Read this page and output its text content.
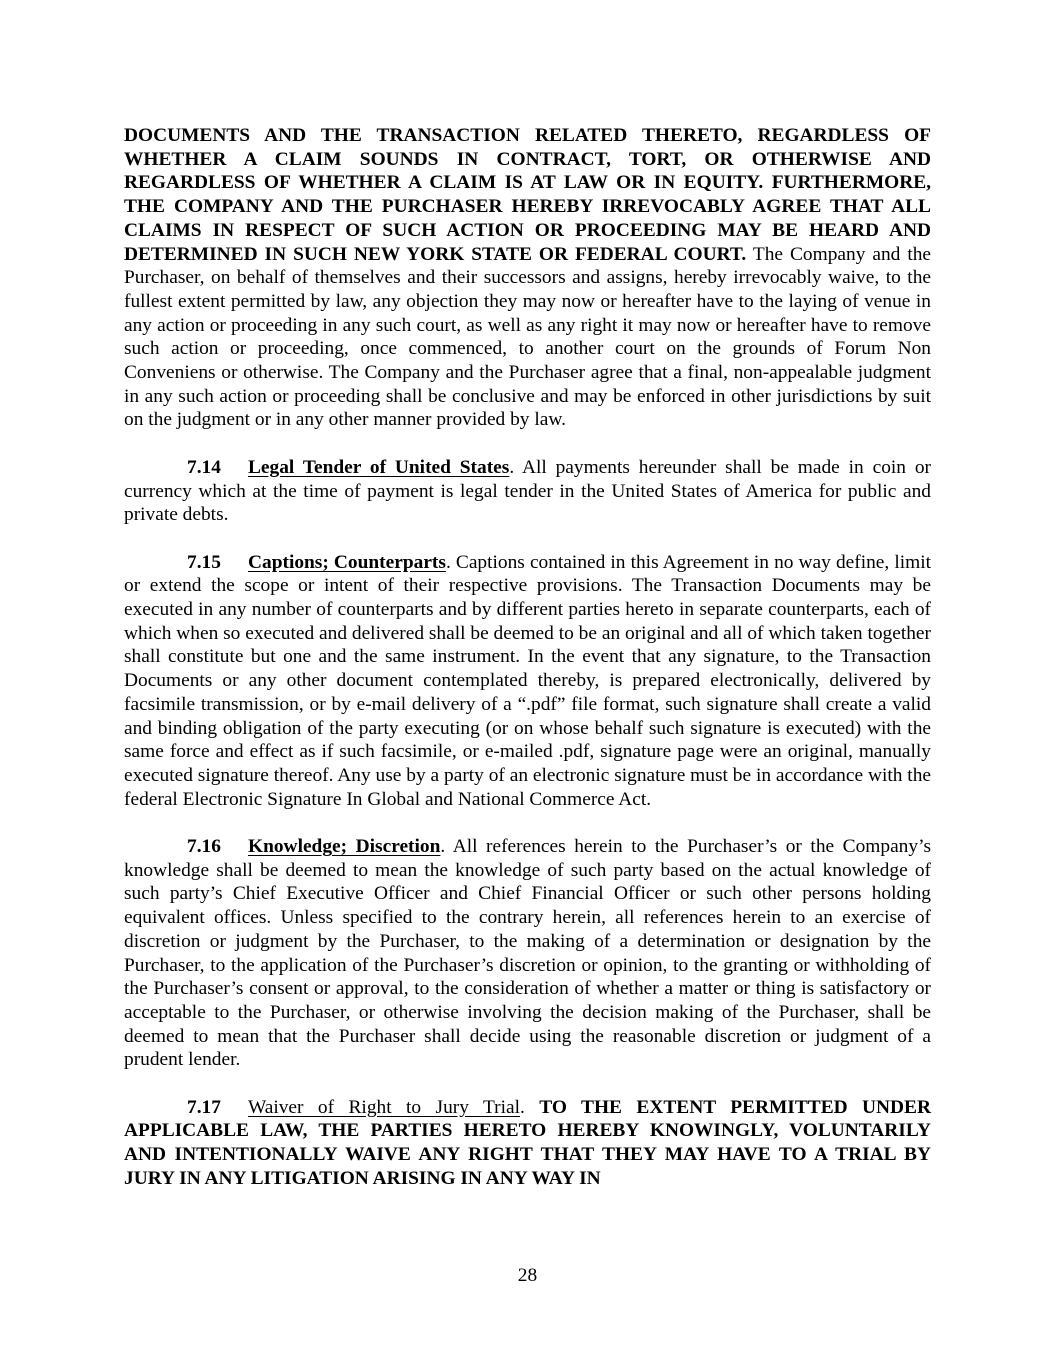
DOCUMENTS AND THE TRANSACTION RELATED THERETO, REGARDLESS OF WHETHER A CLAIM SOUNDS IN CONTRACT, TORT, OR OTHERWISE AND REGARDLESS OF WHETHER A CLAIM IS AT LAW OR IN EQUITY. FURTHERMORE, THE COMPANY AND THE PURCHASER HEREBY IRREVOCABLY AGREE THAT ALL CLAIMS IN RESPECT OF SUCH ACTION OR PROCEEDING MAY BE HEARD AND DETERMINED IN SUCH NEW YORK STATE OR FEDERAL COURT. The Company and the Purchaser, on behalf of themselves and their successors and assigns, hereby irrevocably waive, to the fullest extent permitted by law, any objection they may now or hereafter have to the laying of venue in any action or proceeding in any such court, as well as any right it may now or hereafter have to remove such action or proceeding, once commenced, to another court on the grounds of Forum Non Conveniens or otherwise. The Company and the Purchaser agree that a final, non-appealable judgment in any such action or proceeding shall be conclusive and may be enforced in other jurisdictions by suit on the judgment or in any other manner provided by law.

7.14 Legal Tender of United States. All payments hereunder shall be made in coin or currency which at the time of payment is legal tender in the United States of America for public and private debts.

7.15 Captions; Counterparts. Captions contained in this Agreement in no way define, limit or extend the scope or intent of their respective provisions. The Transaction Documents may be executed in any number of counterparts and by different parties hereto in separate counterparts, each of which when so executed and delivered shall be deemed to be an original and all of which taken together shall constitute but one and the same instrument. In the event that any signature, to the Transaction Documents or any other document contemplated thereby, is prepared electronically, delivered by facsimile transmission, or by e-mail delivery of a “.pdf” file format, such signature shall create a valid and binding obligation of the party executing (or on whose behalf such signature is executed) with the same force and effect as if such facsimile, or e-mailed .pdf, signature page were an original, manually executed signature thereof. Any use by a party of an electronic signature must be in accordance with the federal Electronic Signature In Global and National Commerce Act.

7.16 Knowledge; Discretion. All references herein to the Purchaser’s or the Company’s knowledge shall be deemed to mean the knowledge of such party based on the actual knowledge of such party’s Chief Executive Officer and Chief Financial Officer or such other persons holding equivalent offices. Unless specified to the contrary herein, all references herein to an exercise of discretion or judgment by the Purchaser, to the making of a determination or designation by the Purchaser, to the application of the Purchaser’s discretion or opinion, to the granting or withholding of the Purchaser’s consent or approval, to the consideration of whether a matter or thing is satisfactory or acceptable to the Purchaser, or otherwise involving the decision making of the Purchaser, shall be deemed to mean that the Purchaser shall decide using the reasonable discretion or judgment of a prudent lender.

7.17 Waiver of Right to Jury Trial. TO THE EXTENT PERMITTED UNDER APPLICABLE LAW, THE PARTIES HERETO HEREBY KNOWINGLY, VOLUNTARILY AND INTENTIONALLY WAIVE ANY RIGHT THAT THEY MAY HAVE TO A TRIAL BY JURY IN ANY LITIGATION ARISING IN ANY WAY IN

28
